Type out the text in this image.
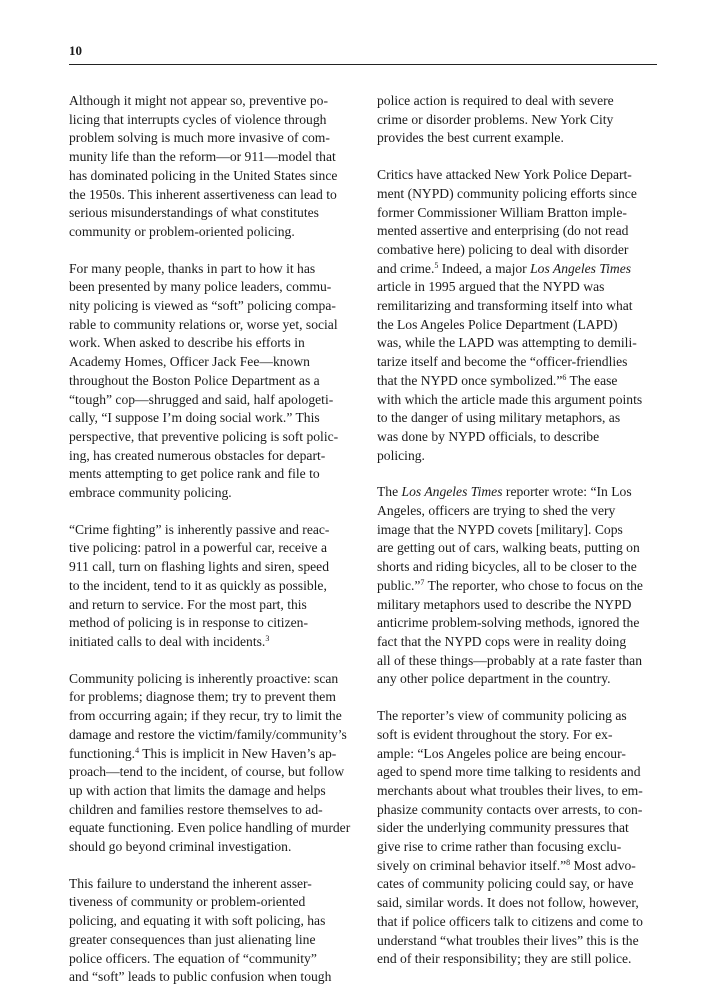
10

Although it might not appear so, preventive po-
licing that interrupts cycles of violence through
problem solving is much more invasive of com-
munity life than the reform—or 911—model that
has dominated policing in the United States since
the 1950s. This inherent assertiveness can lead to
serious misunderstandings of what constitutes
community or problem-oriented policing.

For many people, thanks in part to how it has
been presented by many police leaders, commu-
nity policing is viewed as “soft” policing compa-
rable to community relations or, worse yet, social
work. When asked to describe his efforts in
Academy Homes, Officer Jack Fee—known
throughout the Boston Police Department as a
“tough” cop—shrugged and said, half apologeti-
cally, “I suppose I’m doing social work.” This
perspective, that preventive policing is soft polic-
ing, has created numerous obstacles for depart-
ments attempting to get police rank and file to
embrace community policing.

“Crime fighting” is inherently passive and reac-
tive policing: patrol in a powerful car, receive a
911 call, turn on flashing lights and siren, speed
to the incident, tend to it as quickly as possible,
and return to service. For the most part, this
method of policing is in response to citizen-
initiated calls to deal with incidents.$^3$

Community policing is inherently proactive: scan
for problems; diagnose them; try to prevent them
from occurring again; if they recur, try to limit the
damage and restore the victim/family/community’s
functioning.$^4$ This is implicit in New Haven’s ap-
proach—tend to the incident, of course, but follow
up with action that limits the damage and helps
children and families restore themselves to ad-
equate functioning. Even police handling of murder
should go beyond criminal investigation.

This failure to understand the inherent asser-
tiveness of community or problem-oriented
policing, and equating it with soft policing, has
greater consequences than just alienating line
police officers. The equation of “community”
and “soft” leads to public confusion when tough

police action is required to deal with severe
crime or disorder problems. New York City
provides the best current example.

Critics have attacked New York Police Depart-
ment (NYPD) community policing efforts since
former Commissioner William Bratton imple-
mented assertive and enterprising (do not read
combative here) policing to deal with disorder
and crime.$^5$ Indeed, a major Los Angeles Times
article in 1995 argued that the NYPD was
remilitarizing and transforming itself into what
the Los Angeles Police Department (LAPD)
was, while the LAPD was attempting to demili-
tarize itself and become the “officer-friendlies
that the NYPD once symbolized.”$^6$ The ease
with which the article made this argument points
to the danger of using military metaphors, as
was done by NYPD officials, to describe
policing.

The Los Angeles Times reporter wrote: “In Los
Angeles, officers are trying to shed the very
image that the NYPD covets [military]. Cops
are getting out of cars, walking beats, putting on
shorts and riding bicycles, all to be closer to the
public.”$^7$ The reporter, who chose to focus on the
military metaphors used to describe the NYPD
anticrime problem-solving methods, ignored the
fact that the NYPD cops were in reality doing
all of these things—probably at a rate faster than
any other police department in the country.

The reporter’s view of community policing as
soft is evident throughout the story. For ex-
ample: “Los Angeles police are being encour-
aged to spend more time talking to residents and
merchants about what troubles their lives, to em-
phasize community contacts over arrests, to con-
sider the underlying community pressures that
give rise to crime rather than focusing exclu-
sively on criminal behavior itself.”$^8$ Most advo-
cates of community policing could say, or have
said, similar words. It does not follow, however,
that if police officers talk to citizens and come to
understand “what troubles their lives” this is the
end of their responsibility; they are still police.
